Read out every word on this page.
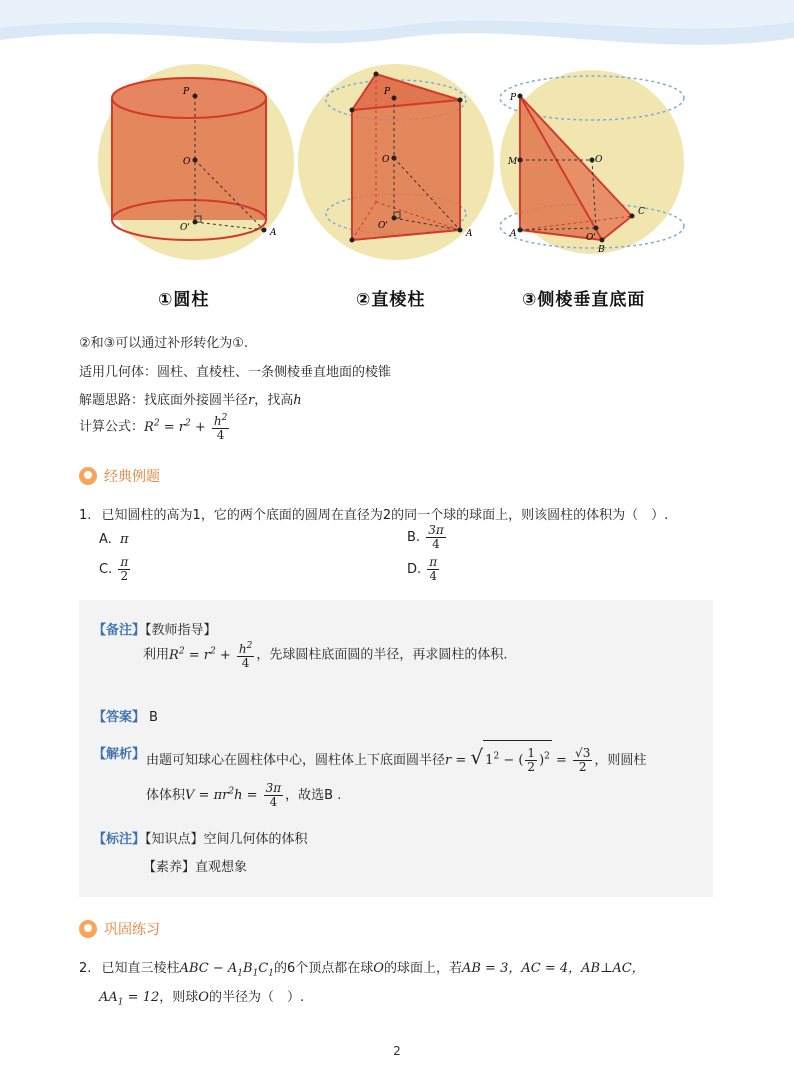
P
O
O'	A
P
O
O'
A
P
M	O
A	O'
B
C
①圆柱	②直棱柱	③侧棱垂直底面
②和③可以通过补形转化为①.
适用几何体：圆柱、直棱柱、一条侧棱垂直地面的棱锥
解题思路：找底面外接圆半径r，找高h
计算公式：$R^2 = r^2 + \frac{h^2}{4}$
经典例题
1. 已知圆柱的高为1，它的两个底面的圆周在直径为2的同一个球的球面上，则该圆柱的体积为（　）.
A. π	B. $\frac{3\pi}{4}$
C. $\frac{\pi}{2}$	D. $\frac{\pi}{4}$
【备注】【教师指导】
利用$R^2 = r^2 + \frac{h^2}{4}$ ，先球圆柱底面圆的半径，再求圆柱的体积.
【答案】 B
【解析】 由题可知球心在圆柱体中心，圆柱体上下底面圆半径r = √ $1^2$ − ( $\frac{1}{2} )^2 = \frac{√3}{2}$ ，则圆柱
体体积$V = \pi r^2h = \frac{3\pi}{4}$ ，故选B .
【标注】【知识点】空间几何体的体积
【素养】直观想象
巩固练习
2. 已知直三棱柱ABC − $A_1B_1C_1$的6个顶点都在球O的球面上，若AB = 3，AC = 4，AB⊥AC，
$AA_1 = 12$，则球O的半径为（　）.
2
